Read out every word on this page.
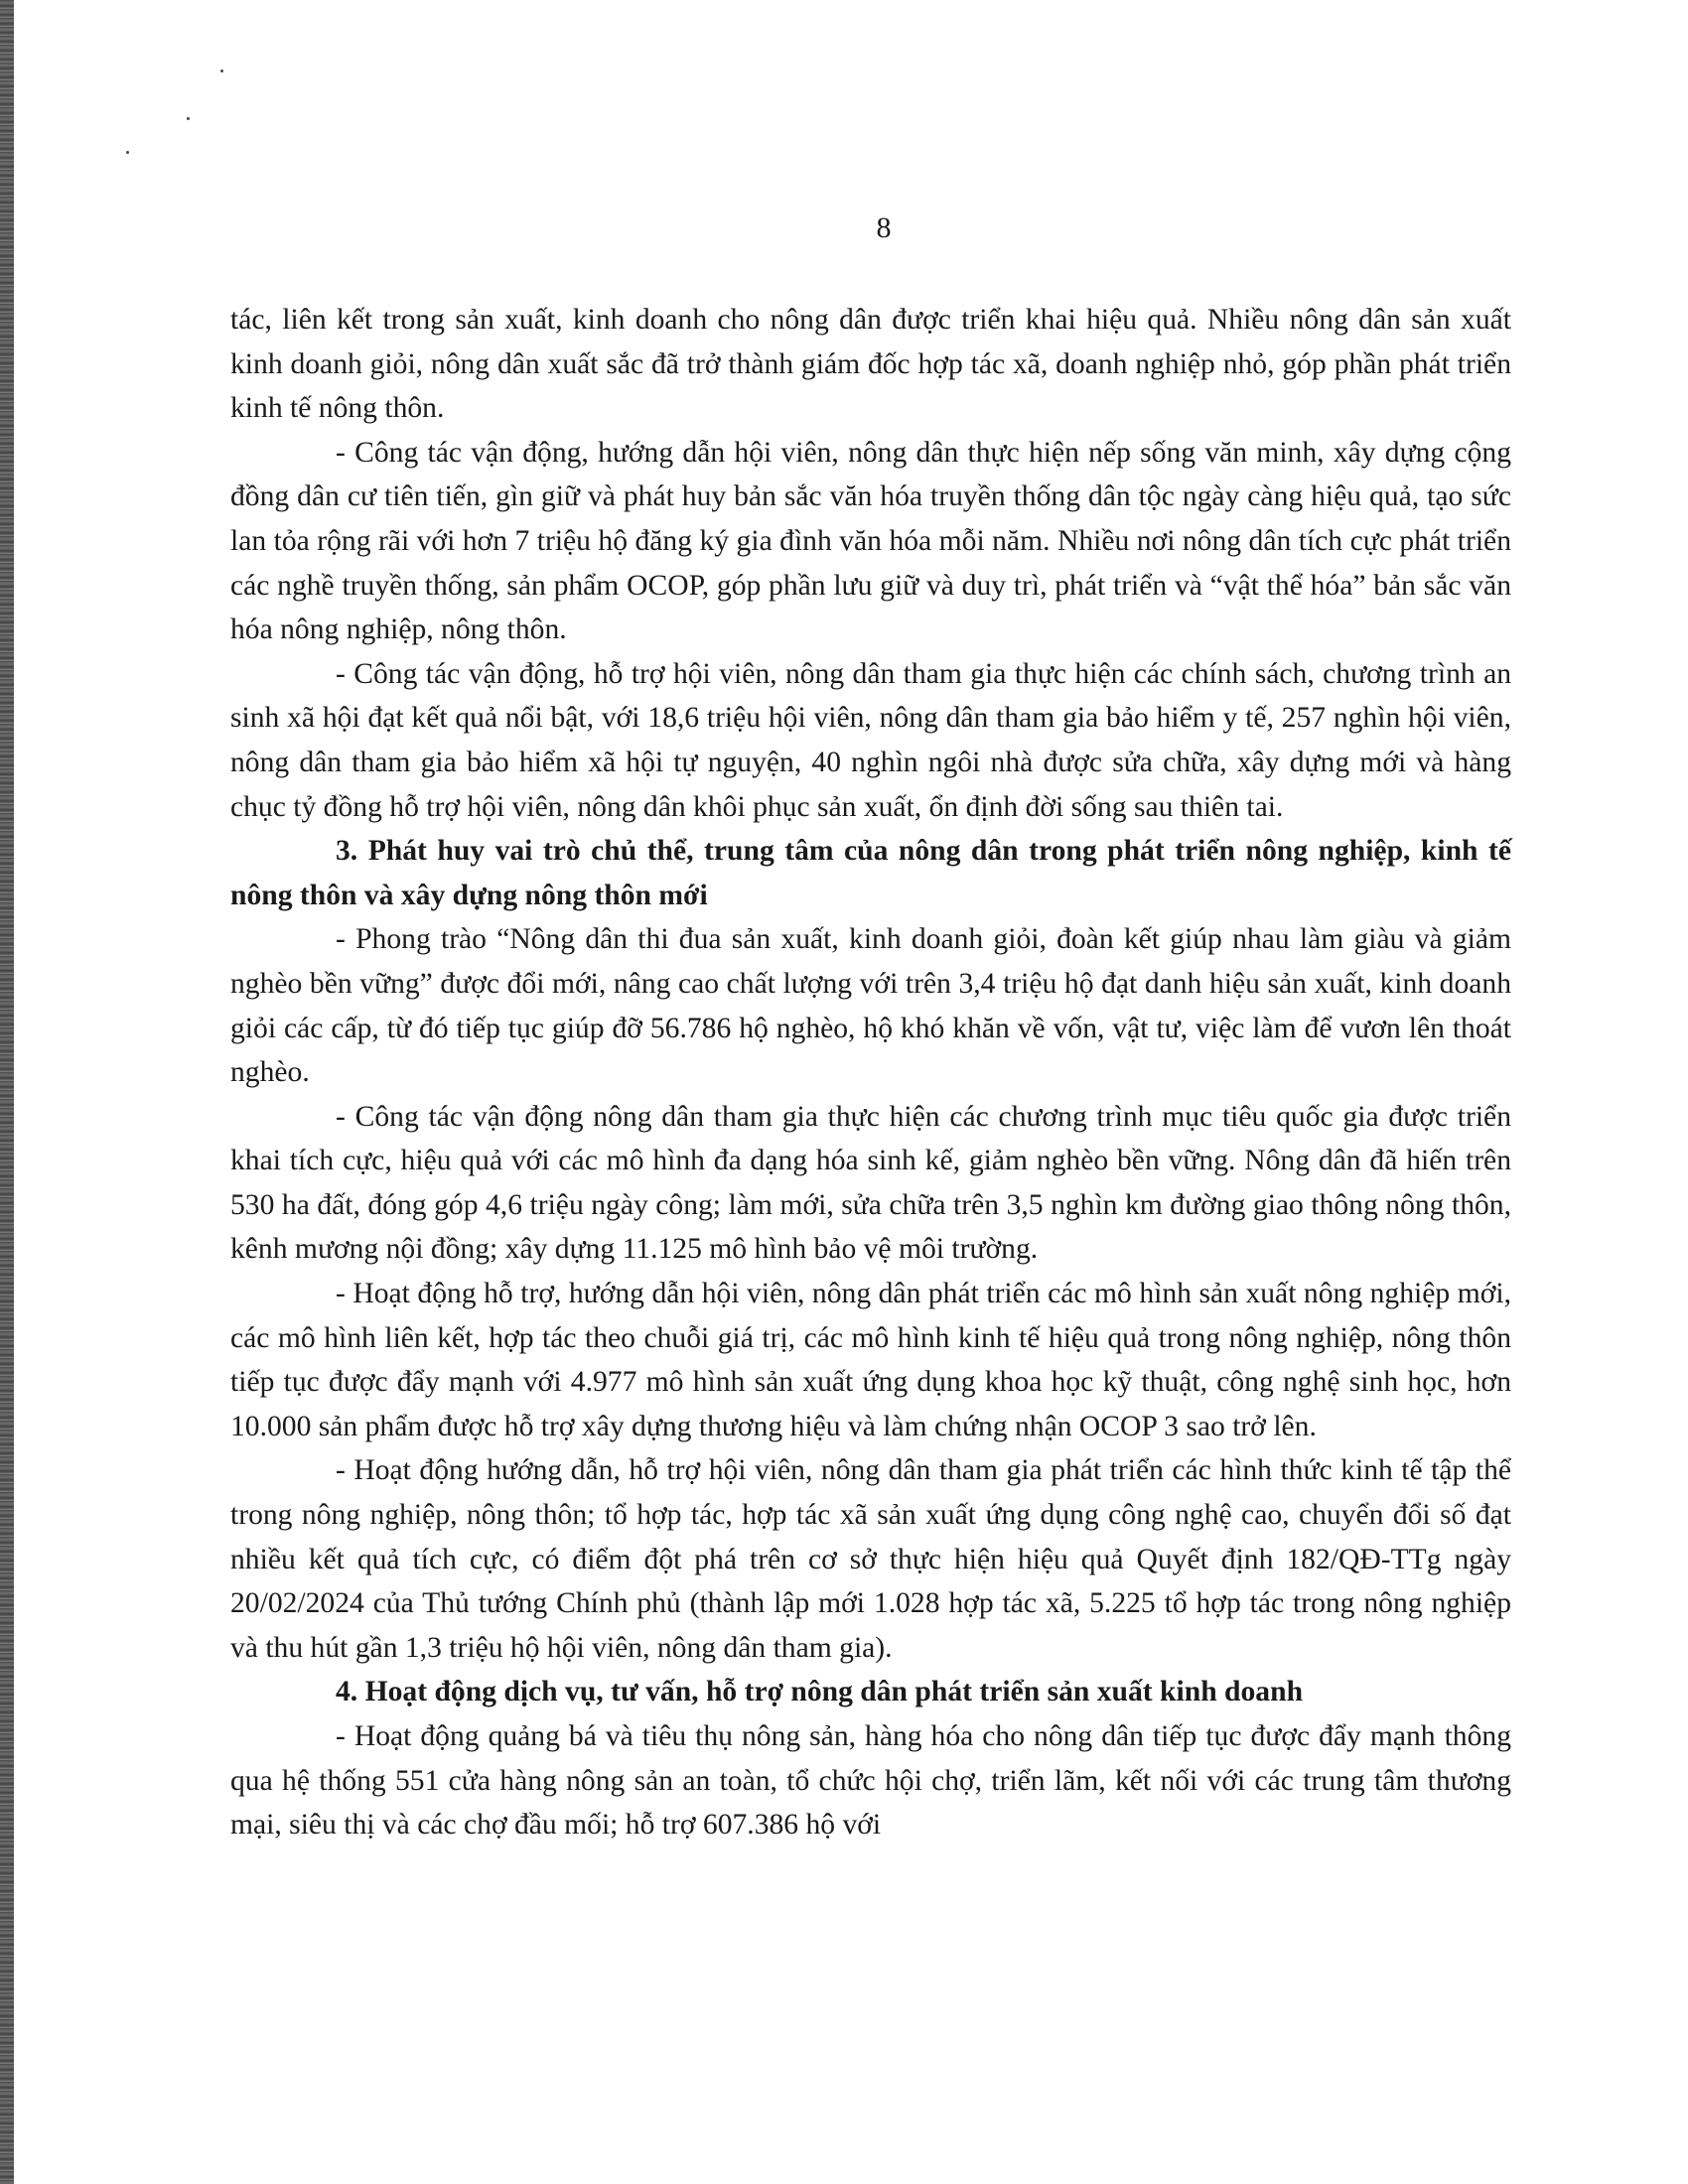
8

tác, liên kết trong sản xuất, kinh doanh cho nông dân được triển khai hiệu quả. Nhiều nông dân sản xuất kinh doanh giỏi, nông dân xuất sắc đã trở thành giám đốc hợp tác xã, doanh nghiệp nhỏ, góp phần phát triển kinh tế nông thôn.

- Công tác vận động, hướng dẫn hội viên, nông dân thực hiện nếp sống văn minh, xây dựng cộng đồng dân cư tiên tiến, gìn giữ và phát huy bản sắc văn hóa truyền thống dân tộc ngày càng hiệu quả, tạo sức lan tỏa rộng rãi với hơn 7 triệu hộ đăng ký gia đình văn hóa mỗi năm. Nhiều nơi nông dân tích cực phát triển các nghề truyền thống, sản phẩm OCOP, góp phần lưu giữ và duy trì, phát triển và “vật thể hóa” bản sắc văn hóa nông nghiệp, nông thôn.

- Công tác vận động, hỗ trợ hội viên, nông dân tham gia thực hiện các chính sách, chương trình an sinh xã hội đạt kết quả nổi bật, với 18,6 triệu hội viên, nông dân tham gia bảo hiểm y tế, 257 nghìn hội viên, nông dân tham gia bảo hiểm xã hội tự nguyện, 40 nghìn ngôi nhà được sửa chữa, xây dựng mới và hàng chục tỷ đồng hỗ trợ hội viên, nông dân khôi phục sản xuất, ổn định đời sống sau thiên tai.

3. Phát huy vai trò chủ thể, trung tâm của nông dân trong phát triển nông nghiệp, kinh tế nông thôn và xây dựng nông thôn mới

- Phong trào “Nông dân thi đua sản xuất, kinh doanh giỏi, đoàn kết giúp nhau làm giàu và giảm nghèo bền vững” được đổi mới, nâng cao chất lượng với trên 3,4 triệu hộ đạt danh hiệu sản xuất, kinh doanh giỏi các cấp, từ đó tiếp tục giúp đỡ 56.786 hộ nghèo, hộ khó khăn về vốn, vật tư, việc làm để vươn lên thoát nghèo.

- Công tác vận động nông dân tham gia thực hiện các chương trình mục tiêu quốc gia được triển khai tích cực, hiệu quả với các mô hình đa dạng hóa sinh kế, giảm nghèo bền vững. Nông dân đã hiến trên 530 ha đất, đóng góp 4,6 triệu ngày công; làm mới, sửa chữa trên 3,5 nghìn km đường giao thông nông thôn, kênh mương nội đồng; xây dựng 11.125 mô hình bảo vệ môi trường.

- Hoạt động hỗ trợ, hướng dẫn hội viên, nông dân phát triển các mô hình sản xuất nông nghiệp mới, các mô hình liên kết, hợp tác theo chuỗi giá trị, các mô hình kinh tế hiệu quả trong nông nghiệp, nông thôn tiếp tục được đẩy mạnh với 4.977 mô hình sản xuất ứng dụng khoa học kỹ thuật, công nghệ sinh học, hơn 10.000 sản phẩm được hỗ trợ xây dựng thương hiệu và làm chứng nhận OCOP 3 sao trở lên.

- Hoạt động hướng dẫn, hỗ trợ hội viên, nông dân tham gia phát triển các hình thức kinh tế tập thể trong nông nghiệp, nông thôn; tổ hợp tác, hợp tác xã sản xuất ứng dụng công nghệ cao, chuyển đổi số đạt nhiều kết quả tích cực, có điểm đột phá trên cơ sở thực hiện hiệu quả Quyết định 182/QĐ-TTg ngày 20/02/2024 của Thủ tướng Chính phủ (thành lập mới 1.028 hợp tác xã, 5.225 tổ hợp tác trong nông nghiệp và thu hút gần 1,3 triệu hộ hội viên, nông dân tham gia).

4. Hoạt động dịch vụ, tư vấn, hỗ trợ nông dân phát triển sản xuất kinh doanh

- Hoạt động quảng bá và tiêu thụ nông sản, hàng hóa cho nông dân tiếp tục được đẩy mạnh thông qua hệ thống 551 cửa hàng nông sản an toàn, tổ chức hội chợ, triển lãm, kết nối với các trung tâm thương mại, siêu thị và các chợ đầu mối; hỗ trợ 607.386 hộ với
